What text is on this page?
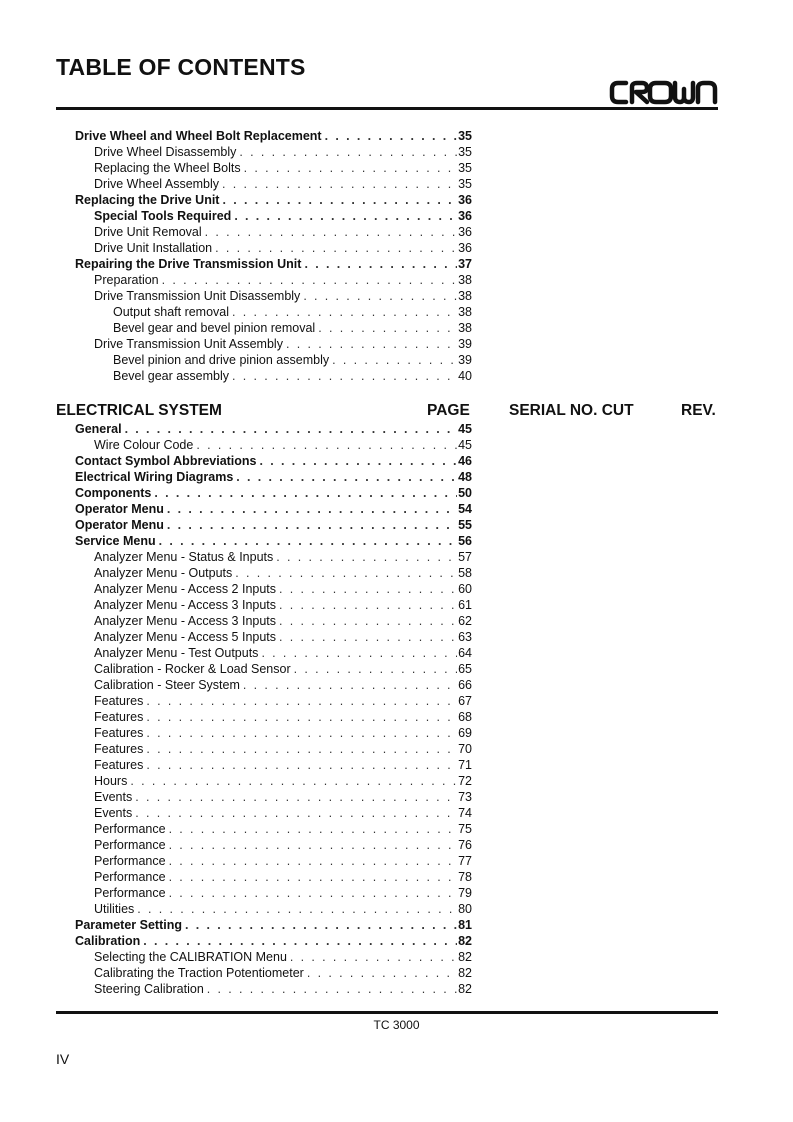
TABLE OF CONTENTS
Drive Wheel and Wheel Bolt Replacement . . .	35
Drive Wheel Disassembly . . .	35
Replacing the Wheel Bolts . . .	35
Drive Wheel Assembly . . .	35
Replacing the Drive Unit . . .	36
Special Tools Required . . .	36
Drive Unit Removal . . .	36
Drive Unit Installation . . .	36
Repairing the Drive Transmission Unit . . .	37
Preparation . . .	38
Drive Transmission Unit Disassembly . . .	38
Output shaft removal . . .	38
Bevel gear and bevel pinion removal . . .	38
Drive Transmission Unit Assembly . . .	39
Bevel pinion and drive pinion assembly . . .	39
Bevel gear assembly . . .	40
ELECTRICAL SYSTEM	PAGE	SERIAL NO. CUT	REV.
General . . .	45
Wire Colour Code . . .	45
Contact Symbol Abbreviations . . .	46
Electrical Wiring Diagrams . . .	48
Components . . .	50
Operator Menu . . .	54
Operator Menu . . .	55
Service Menu . . .	56
Analyzer Menu - Status & Inputs . . .	57
Analyzer Menu - Outputs . . .	58
Analyzer Menu - Access 2 Inputs . . .	60
Analyzer Menu - Access 3 Inputs . . .	61
Analyzer Menu - Access 3 Inputs . . .	62
Analyzer Menu - Access 5 Inputs . . .	63
Analyzer Menu - Test Outputs . . .	64
Calibration - Rocker & Load Sensor . . .	65
Calibration - Steer System . . .	66
Features . . .	67
Features . . .	68
Features . . .	69
Features . . .	70
Features . . .	71
Hours . . .	72
Events . . .	73
Events . . .	74
Performance . . .	75
Performance . . .	76
Performance . . .	77
Performance . . .	78
Performance . . .	79
Utilities . . .	80
Parameter Setting . . .	81
Calibration . . .	82
Selecting the CALIBRATION Menu . . .	82
Calibrating the Traction Potentiometer . . .	82
Steering Calibration . . .	82
TC 3000
IV
